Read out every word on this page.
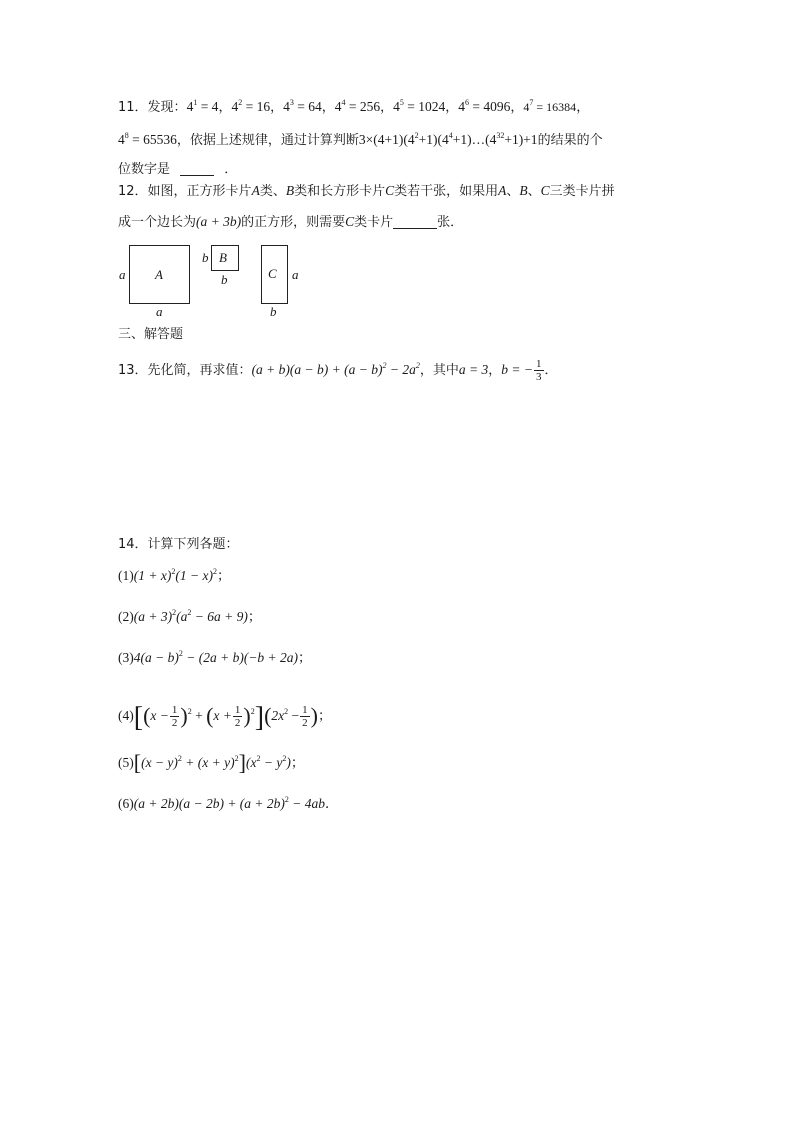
11．发现：$4^1 = 4$，$4^2 = 16$，$4^3 = 64$，$4^4 = 256$，$4^5 = 1024$，$4^6 = 4096$，$4^7 = 16384$，
$4^8 = 65536$，依据上述规律，通过计算判断$3\times(4+1)(4^2+1)(4^4+1)\dots(4^{32}+1)+1$的结果的个
位数字是	．
12．如图，正方形卡片A类、B类和长方形卡片C类若干张，如果用A、B、C三类卡片拼
成一个边长为(a + 3b)的正方形，则需要C类卡片	张．
a A
a
b B
b	C a
b
三、解答题
13．先化简，再求值：$(a + b)(a - b) + (a - b)^2 - 2a^2$，其中a = 3，b = − $\frac{1}{3}$ ．
14．计算下列各题：
$(1)(1 + x)^2(1 - x)^2$；
$(2)(a + 3)^2(a^2 - 6a + 9)$；
$(3)4(a - b)^2 - (2a + b)(-b + 2a)$；
$(4)[(x - \frac{1}{2} )^2 + (x + \frac{1}{2} )^2](2x^2 - \frac{1}{2}$ )；
$(5)[(x - y)^2 + (x + y)^2](x^2 - y^2)$；
$(6)(a + 2b)(a - 2b) + (a + 2b)^2 - 4ab$．
